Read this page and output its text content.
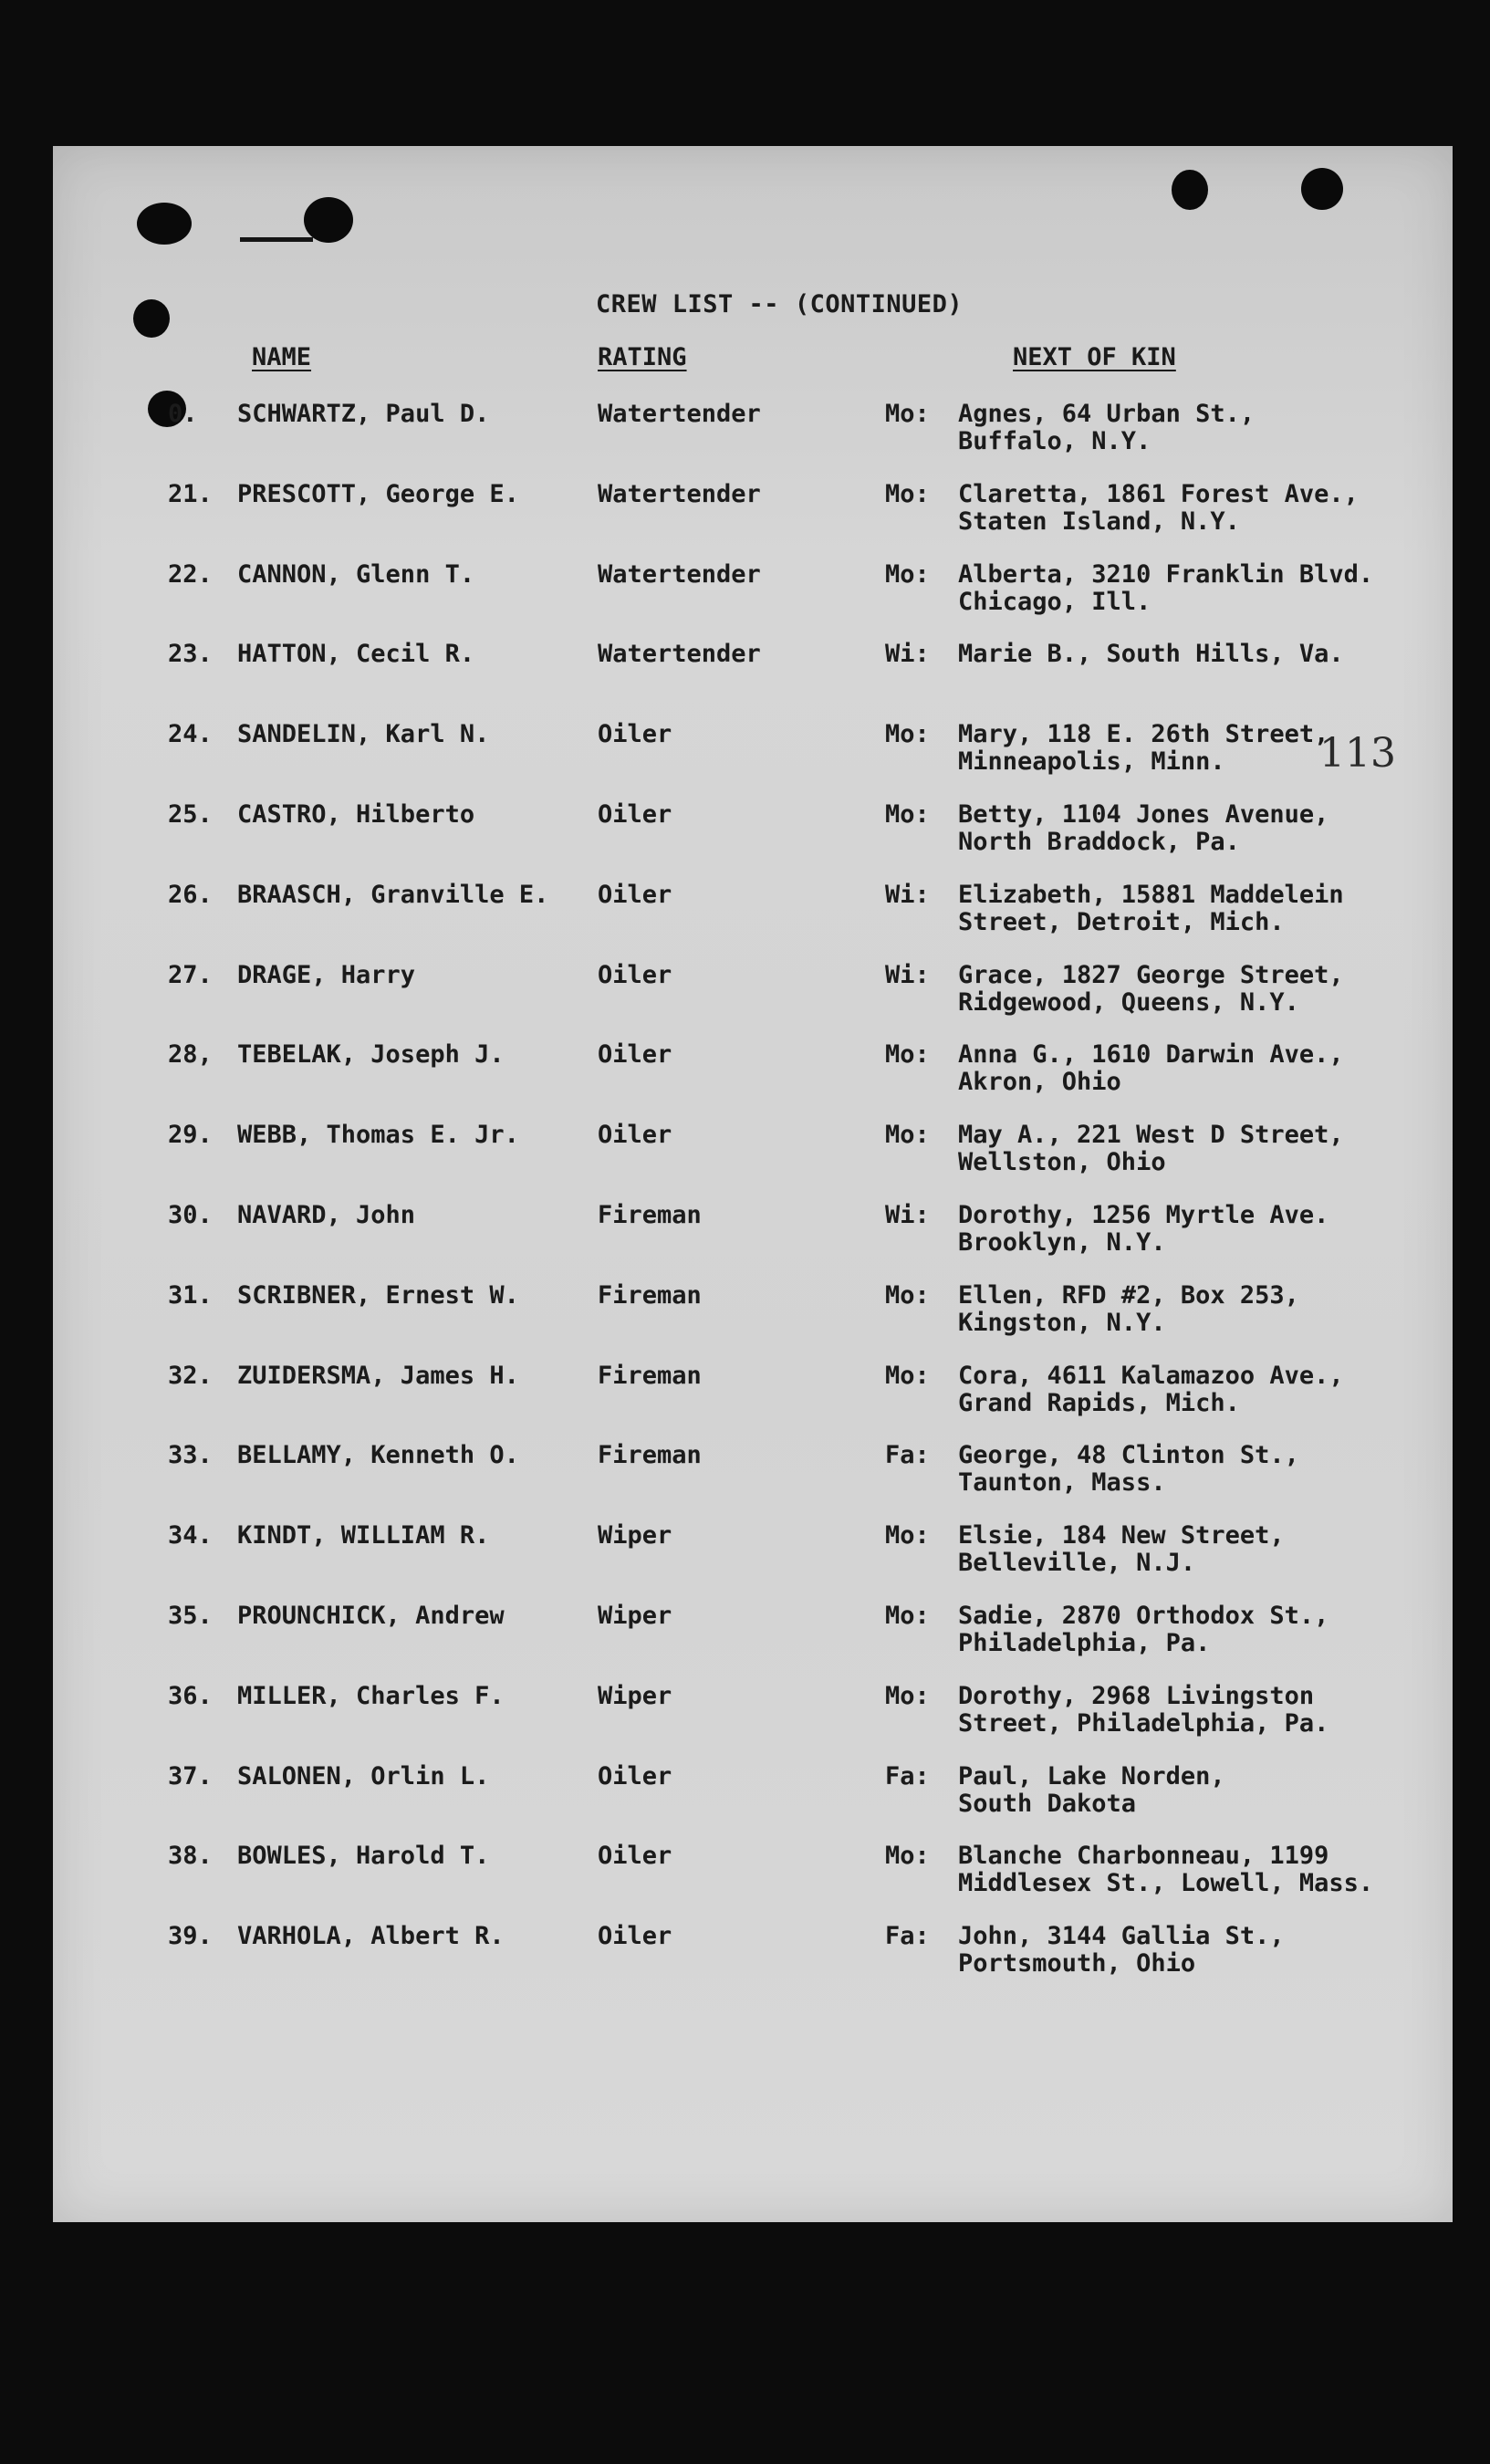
CREW LIST -- (CONTINUED)
NAME	RATING	NEXT OF KIN
113
0. SCHWARTZ, Paul D.	Watertender	Mo: Agnes, 64 Urban St.,
Buffalo, N.Y.
21. PRESCOTT, George E.	Watertender	Mo: Claretta, 1861 Forest Ave.,
Staten Island, N.Y.
22. CANNON, Glenn T.	Watertender	Mo: Alberta, 3210 Franklin Blvd.
Chicago, Ill.
23. HATTON, Cecil R.	Watertender	Wi: Marie B., South Hills, Va.
24. SANDELIN, Karl N.	Oiler	Mo: Mary, 118 E. 26th Street,
Minneapolis, Minn.
25. CASTRO, Hilberto	Oiler	Mo: Betty, 1104 Jones Avenue,
North Braddock, Pa.
26. BRAASCH, Granville E. Oiler	Wi: Elizabeth, 15881 Maddelein
Street, Detroit, Mich.
27. DRAGE, Harry	Oiler	Wi: Grace, 1827 George Street,
Ridgewood, Queens, N.Y.
28, TEBELAK, Joseph J.	Oiler	Mo: Anna G., 1610 Darwin Ave.,
Akron, Ohio
29. WEBB, Thomas E. Jr.	Oiler	Mo: May A., 221 West D Street,
Wellston, Ohio
30. NAVARD, John	Fireman	Wi: Dorothy, 1256 Myrtle Ave.
Brooklyn, N.Y.
31. SCRIBNER, Ernest W.	Fireman	Mo: Ellen, RFD #2, Box 253,
Kingston, N.Y.
32. ZUIDERSMA, James H.	Fireman	Mo: Cora, 4611 Kalamazoo Ave.,
Grand Rapids, Mich.
33. BELLAMY, Kenneth O.	Fireman	Fa: George, 48 Clinton St.,
Taunton, Mass.
34. KINDT, WILLIAM R.	Wiper	Mo: Elsie, 184 New Street,
Belleville, N.J.
35. PROUNCHICK, Andrew	Wiper	Mo: Sadie, 2870 Orthodox St.,
Philadelphia, Pa.
36. MILLER, Charles F.	Wiper	Mo: Dorothy, 2968 Livingston
Street, Philadelphia, Pa.
37. SALONEN, Orlin L.	Oiler	Fa: Paul, Lake Norden,
South Dakota
38. BOWLES, Harold T.	Oiler	Mo: Blanche Charbonneau, 1199
Middlesex St., Lowell, Mass.
39. VARHOLA, Albert R.	Oiler	Fa: John, 3144 Gallia St.,
Portsmouth, Ohio
